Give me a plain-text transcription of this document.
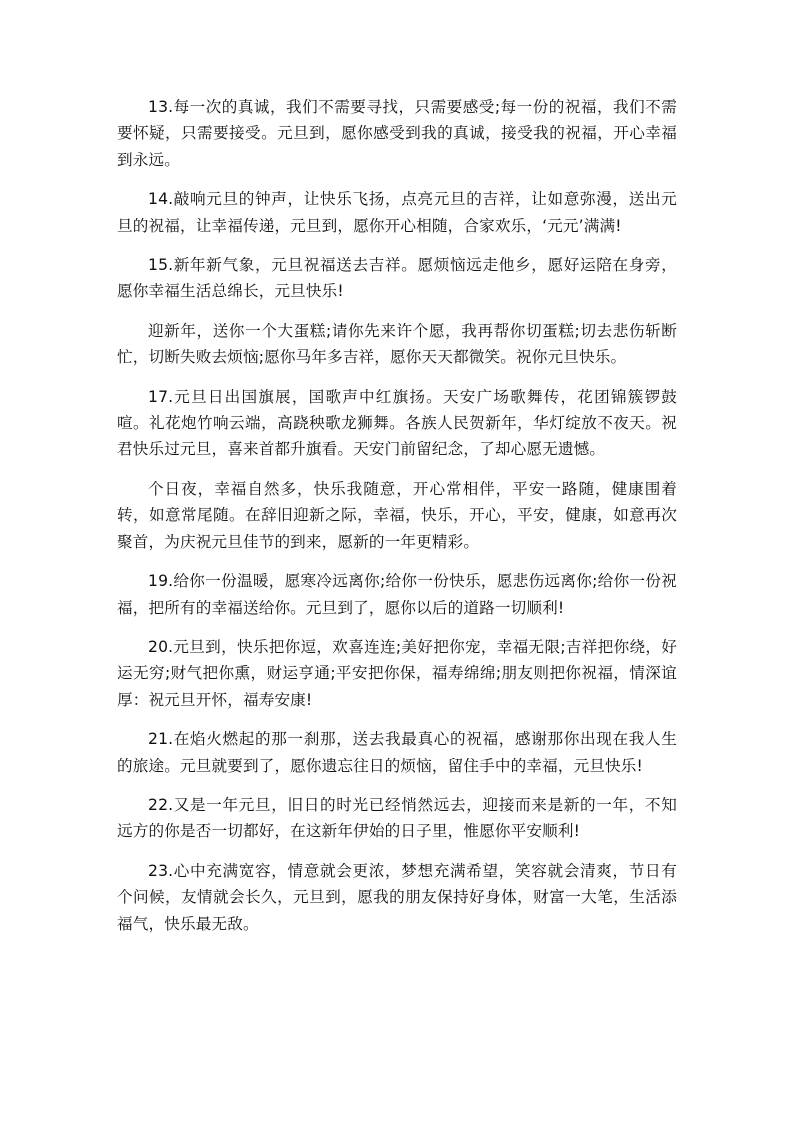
13.每一次的真诚，我们不需要寻找，只需要感受;每一份的祝福，我们不需要怀疑，只需要接受。元旦到，愿你感受到我的真诚，接受我的祝福，开心幸福到永远。

14.敲响元旦的钟声，让快乐飞扬，点亮元旦的吉祥，让如意弥漫，送出元旦的祝福，让幸福传递，元旦到，愿你开心相随，合家欢乐，‘元元’满满!

15.新年新气象，元旦祝福送去吉祥。愿烦恼远走他乡，愿好运陪在身旁，愿你幸福生活总绵长，元旦快乐!

迎新年，送你一个大蛋糕;请你先来许个愿，我再帮你切蛋糕;切去悲伤斩断忙，切断失败去烦恼;愿你马年多吉祥，愿你天天都微笑。祝你元旦快乐。

17.元旦日出国旗展，国歌声中红旗扬。天安广场歌舞传，花团锦簇锣鼓喧。礼花炮竹响云端，高跷秧歌龙狮舞。各族人民贺新年，华灯绽放不夜天。祝君快乐过元旦，喜来首都升旗看。天安门前留纪念，了却心愿无遗憾。

个日夜，幸福自然多，快乐我随意，开心常相伴，平安一路随，健康围着转，如意常尾随。在辞旧迎新之际，幸福，快乐，开心，平安，健康，如意再次聚首，为庆祝元旦佳节的到来，愿新的一年更精彩。

19.给你一份温暖，愿寒冷远离你;给你一份快乐，愿悲伤远离你;给你一份祝福，把所有的幸福送给你。元旦到了，愿你以后的道路一切顺利!

20.元旦到，快乐把你逗，欢喜连连;美好把你宠，幸福无限;吉祥把你绕，好运无穷;财气把你熏，财运亨通;平安把你保，福寿绵绵;朋友则把你祝福，情深谊厚：祝元旦开怀，福寿安康!

21.在焰火燃起的那一刹那，送去我最真心的祝福，感谢那你出现在我人生的旅途。元旦就要到了，愿你遗忘往日的烦恼，留住手中的幸福，元旦快乐!

22.又是一年元旦，旧日的时光已经悄然远去，迎接而来是新的一年，不知远方的你是否一切都好，在这新年伊始的日子里，惟愿你平安顺利!

23.心中充满宽容，情意就会更浓，梦想充满希望，笑容就会清爽，节日有个问候，友情就会长久，元旦到，愿我的朋友保持好身体，财富一大笔，生活添福气，快乐最无敌。
